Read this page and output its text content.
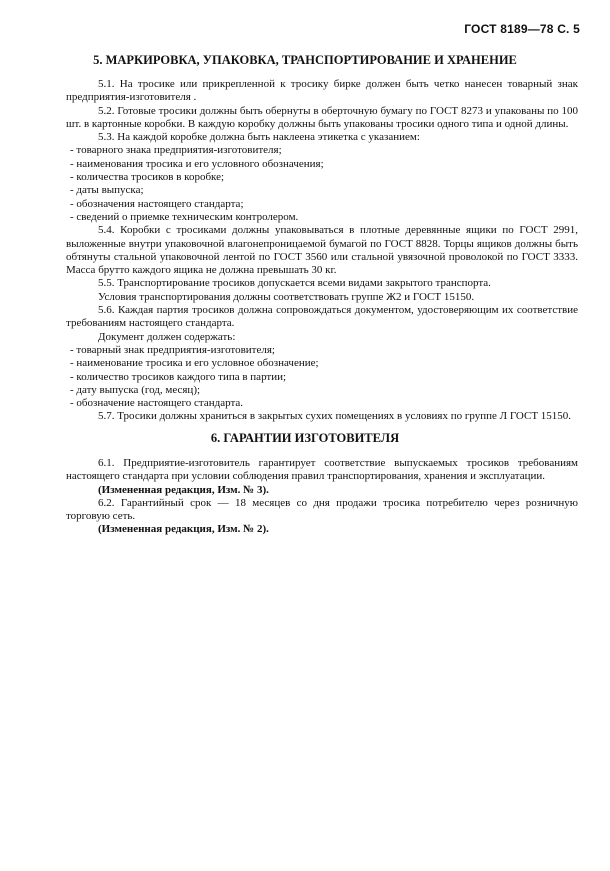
ГОСТ 8189—78 С. 5
5. МАРКИРОВКА, УПАКОВКА, ТРАНСПОРТИРОВАНИЕ И ХРАНЕНИЕ

5.1. На тросике или прикрепленной к тросику бирке должен быть четко нанесен товарный знак предприятия-изготовителя .

5.2. Готовые тросики должны быть обернуты в оберточную бумагу по ГОСТ 8273 и упакованы по 100 шт. в картонные коробки. В каждую коробку должны быть упакованы тросики одного типа и одной длины.

5.3. На каждой коробке должна быть наклеена этикетка с указанием:

- товарного знака предприятия-изготовителя;
- наименования тросика и его условного обозначения;
- количества тросиков в коробке;
- даты выпуска;
- обозначения настоящего стандарта;
- сведений о приемке техническим контролером.

5.4. Коробки с тросиками должны упаковываться в плотные деревянные ящики по ГОСТ 2991, выложенные внутри упаковочной влагонепроницаемой бумагой по ГОСТ 8828. Торцы ящиков должны быть обтянуты стальной упаковочной лентой по ГОСТ 3560 или стальной увязочной проволокой по ГОСТ 3333. Масса брутто каждого ящика не должна превышать 30 кг.

5.5. Транспортирование тросиков допускается всеми видами закрытого транспорта.

Условия транспортирования должны соответствовать группе Ж2 и ГОСТ 15150.

5.6. Каждая партия тросиков должна сопровождаться документом, удостоверяющим их соответствие требованиям настоящего стандарта.

Документ должен содержать:

- товарный знак предприятия-изготовителя;
- наименование тросика и его условное обозначение;
- количество тросиков каждого типа в партии;
- дату выпуска (год, месяц);
- обозначение настоящего стандарта.

5.7. Тросики должны храниться в закрытых сухих помещениях в условиях по группе Л ГОСТ 15150.

6. ГАРАНТИИ ИЗГОТОВИТЕЛЯ

6.1. Предприятие-изготовитель гарантирует соответствие выпускаемых тросиков требованиям настоящего стандарта при условии соблюдения правил транспортирования, хранения и эксплуатации.

(Измененная редакция, Изм. № 3).

6.2. Гарантийный срок — 18 месяцев со дня продажи тросика потребителю через розничную торговую сеть.

(Измененная редакция, Изм. № 2).
